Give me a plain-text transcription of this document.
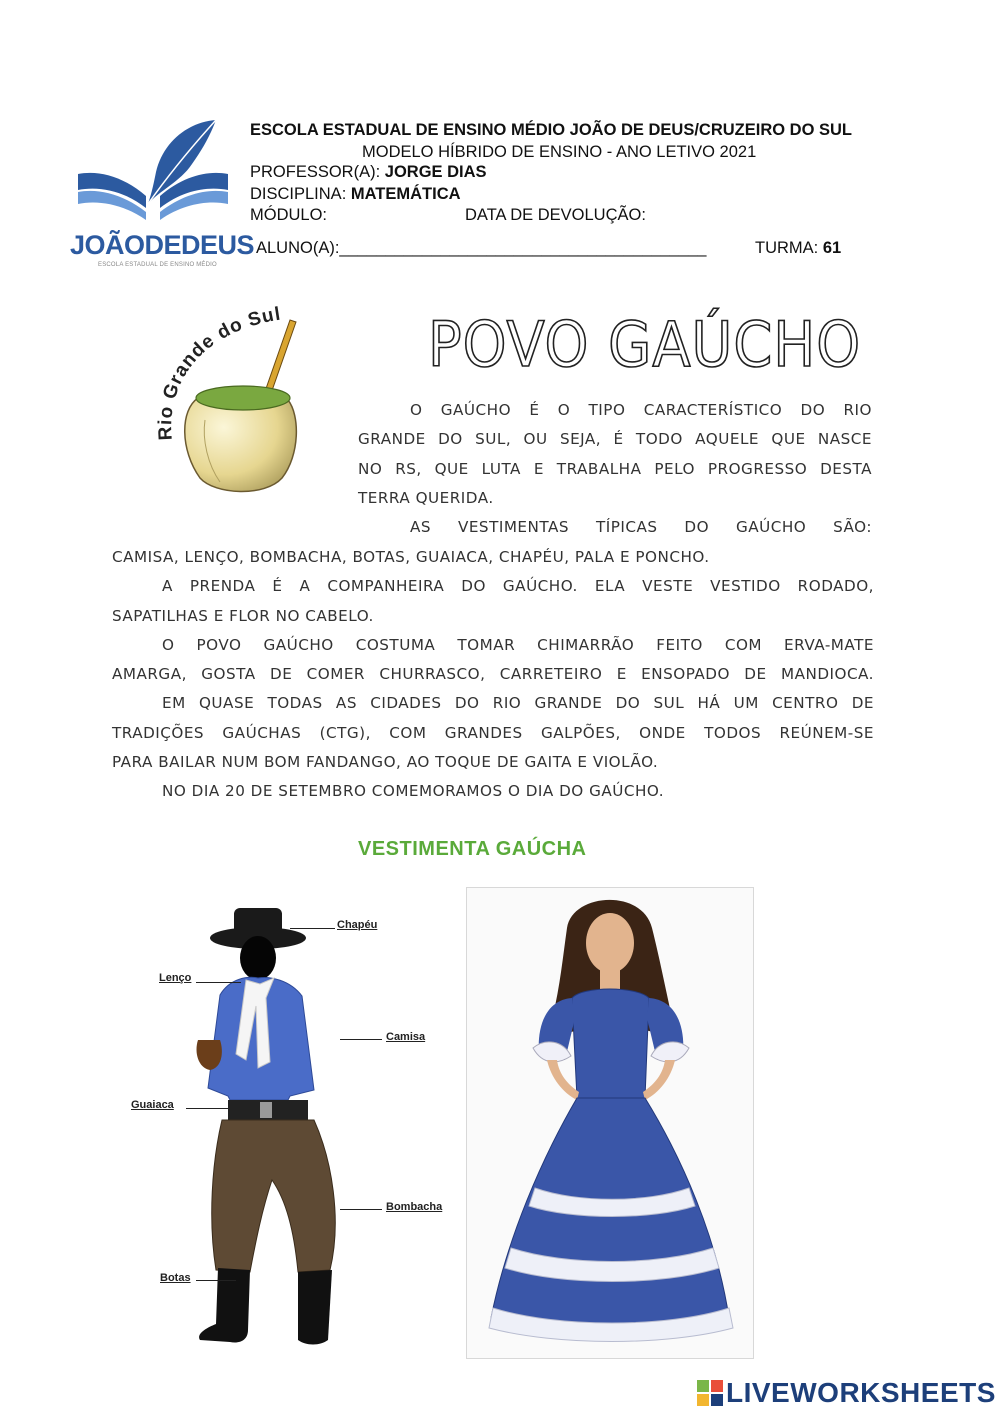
JOÃODEDEUS
ESCOLA ESTADUAL DE ENSINO MÉDIO
ESCOLA ESTADUAL DE ENSINO MÉDIO JOÃO DE DEUS/CRUZEIRO DO SUL
MODELO HÍBRIDO DE ENSINO - ANO LETIVO 2021
PROFESSOR(A): JORGE DIAS
DISCIPLINA: MATEMÁTICA
MÓDULO:	DATA DE DEVOLUÇÃO:
ALUNO(A):________________________________________	TURMA: 61
Rio Grande do Sul POVO GAÚCHO
O GAÚCHO É O TIPO CARACTERÍSTICO DO RIO
GRANDE DO SUL, OU SEJA, É TODO AQUELE QUE NASCE
NO RS, QUE LUTA E TRABALHA PELO PROGRESSO DESTA
TERRA QUERIDA.
AS VESTIMENTAS TÍPICAS DO GAÚCHO SÃO:
CAMISA, LENÇO, BOMBACHA, BOTAS, GUAIACA, CHAPÉU, PALA E PONCHO.
A PRENDA É A COMPANHEIRA DO GAÚCHO. ELA VESTE VESTIDO RODADO,
SAPATILHAS E FLOR NO CABELO.
O POVO GAÚCHO COSTUMA TOMAR CHIMARRÃO FEITO COM ERVA-MATE
AMARGA, GOSTA DE COMER CHURRASCO, CARRETEIRO E ENSOPADO DE MANDIOCA.
EM QUASE TODAS AS CIDADES DO RIO GRANDE DO SUL HÁ UM CENTRO DE
TRADIÇÕES GAÚCHAS (CTG), COM GRANDES GALPÕES, ONDE TODOS REÚNEM-SE
PARA BAILAR NUM BOM FANDANGO, AO TOQUE DE GAITA E VIOLÃO.
NO DIA 20 DE SETEMBRO COMEMORAMOS O DIA DO GAÚCHO.
VESTIMENTA GAÚCHA
Chapéu
Lenço
Camisa
Guaiaca
Bombacha
Botas
LIVEWORKSHEETS
